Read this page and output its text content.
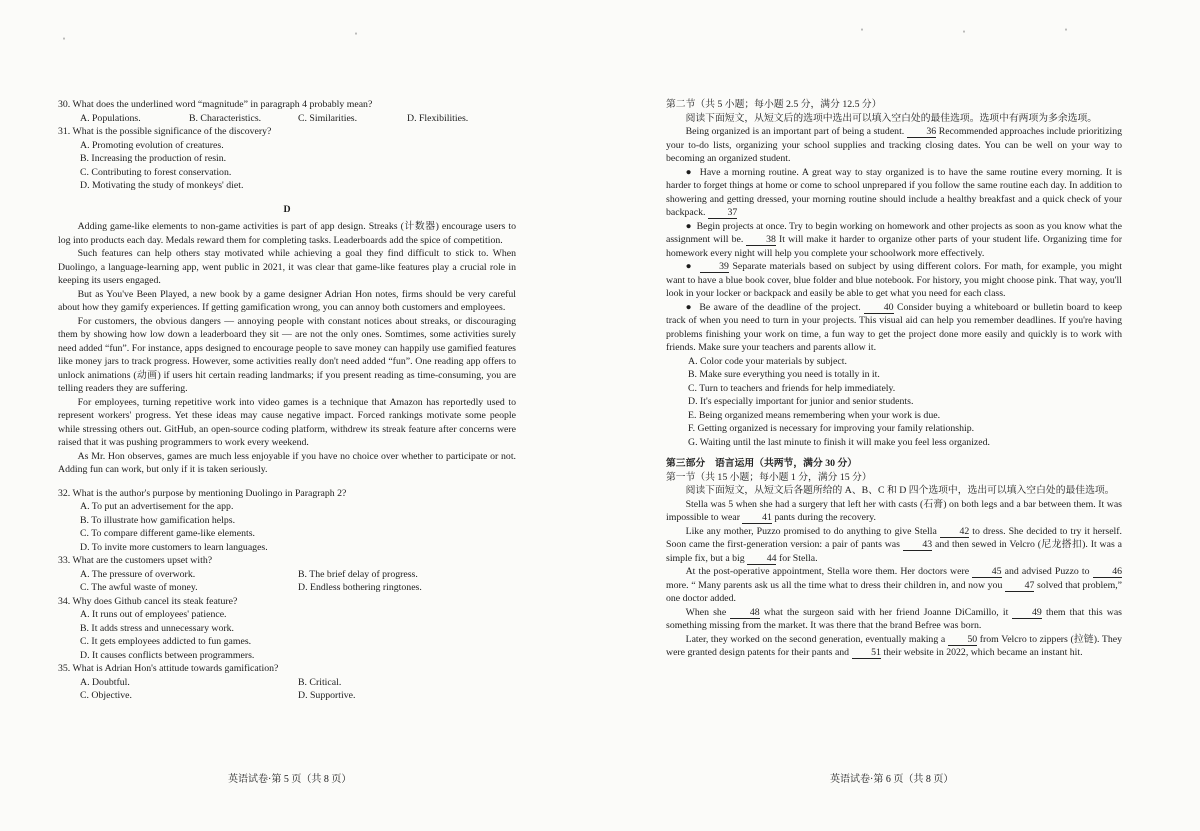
ˈ	ˈ	ˈ	ˈ	ˈ

30. What does the underlined word “magnitude” in paragraph 4 probably mean?

A. Populations.	B. Characteristics.	C. Similarities.	D. Flexibilities.

31. What is the possible significance of the discovery?

A. Promoting evolution of creatures.

B. Increasing the production of resin.

C. Contributing to forest conservation.

D. Motivating the study of monkeys' diet.

D

Adding game-like elements to non-game activities is part of app design. Streaks (计数器) encourage users to log into products each day. Medals reward them for completing tasks. Leaderboards add the spice of competition.

Such features can help others stay motivated while achieving a goal they find difficult to stick to. When Duolingo, a language-learning app, went public in 2021, it was clear that game-like features play a crucial role in keeping its users engaged.

But as You've Been Played, a new book by a game designer Adrian Hon notes, firms should be very careful about how they gamify experiences. If getting gamification wrong, you can annoy both customers and employees.

For customers, the obvious dangers — annoying people with constant notices about streaks, or discouraging them by showing how low down a leaderboard they sit — are not the only ones. Somtimes, some activities surely need added “fun”. For instance, apps designed to encourage people to save money can happily use gamified features like money jars to track progress. However, some activities really don't need added “fun”. One reading app offers to unlock animations (动画) if users hit certain reading landmarks; if you present reading as time-consuming, you are telling readers they are suffering.

For employees, turning repetitive work into video games is a technique that Amazon has reportedly used to represent workers' progress. Yet these ideas may cause negative impact. Forced rankings motivate some people while stressing others out. GitHub, an open-source coding platform, withdrew its streak feature after concerns were raised that it was pushing programmers to work every weekend.

As Mr. Hon observes, games are much less enjoyable if you have no choice over whether to participate or not. Adding fun can work, but only if it is taken seriously.

32. What is the author's purpose by mentioning Duolingo in Paragraph 2?

A. To put an advertisement for the app.

B. To illustrate how gamification helps.

C. To compare different game-like elements.

D. To invite more customers to learn languages.

33. What are the customers upset with?

A. The pressure of overwork.	B. The brief delay of progress.
C. The awful waste of money.	D. Endless bothering ringtones.

34. Why does Github cancel its steak feature?

A. It runs out of employees' patience.

B. It adds stress and unnecessary work.

C. It gets employees addicted to fun games.

D. It causes conflicts between programmers.

35. What is Adrian Hon's attitude towards gamification?

A. Doubtful.	B. Critical.
C. Objective.	D. Supportive.
英语试卷·第 5 页（共 8 页）

第二节（共 5 小题；每小题 2.5 分，满分 12.5 分）

阅读下面短文，从短文后的选项中选出可以填入空白处的最佳选项。选项中有两项为多余选项。

Being organized is an important part of being a student. 36 Recommended approaches include prioritizing your to-do lists, organizing your school supplies and tracking closing dates. You can be well on your way to becoming an organized student.

●  Have a morning routine. A great way to stay organized is to have the same routine every morning. It is harder to forget things at home or come to school unprepared if you follow the same routine each day. In addition to showering and getting dressed, your morning routine should include a healthy breakfast and a quick check of your backpack. 37

●  Begin projects at once. Try to begin working on homework and other projects as soon as you know what the assignment will be. 38 It will make it harder to organize other parts of your student life. Organizing time for homework every night will help you complete your schoolwork more effectively.

●  39 Separate materials based on subject by using different colors. For math, for example, you might want to have a blue book cover, blue folder and blue notebook. For history, you might choose pink. That way, you'll look in your locker or backpack and easily be able to get what you need for each class.

●  Be aware of the deadline of the project. 40 Consider buying a whiteboard or bulletin board to keep track of when you need to turn in your projects. This visual aid can help you remember deadlines. If you're having problems finishing your work on time, a fun way to get the project done more easily and quickly is to work with friends. Make sure your teachers and parents allow it.

A. Color code your materials by subject.

B. Make sure everything you need is totally in it.

C. Turn to teachers and friends for help immediately.

D. It's especially important for junior and senior students.

E. Being organized means remembering when your work is due.

F. Getting organized is necessary for improving your family relationship.

G. Waiting until the last minute to finish it will make you feel less organized.

第三部分　语言运用（共两节，满分 30 分）

第一节（共 15 小题；每小题 1 分，满分 15 分）

阅读下面短文，从短文后各题所给的 A、B、C 和 D 四个选项中，选出可以填入空白处的最佳选项。

Stella was 5 when she had a surgery that left her with casts (石膏) on both legs and a bar between them. It was impossible to wear 41 pants during the recovery.

Like any mother, Puzzo promised to do anything to give Stella 42 to dress. She decided to try it herself. Soon came the first-generation version: a pair of pants was 43 and then sewed in Velcro (尼龙搭扣). It was a simple fix, but a big 44 for Stella.

At the post-operative appointment, Stella wore them. Her doctors were 45 and advised Puzzo to 46 more. “ Many parents ask us all the time what to dress their children in, and now you 47 solved that problem,” one doctor added.

When she 48 what the surgeon said with her friend Joanne DiCamillo, it 49 them that this was something missing from the market. It was there that the brand Befree was born.

Later, they worked on the second generation, eventually making a 50 from Velcro to zippers (拉链). They were granted design patents for their pants and 51 their website in 2022, which became an instant hit.

英语试卷·第 6 页（共 8 页）
